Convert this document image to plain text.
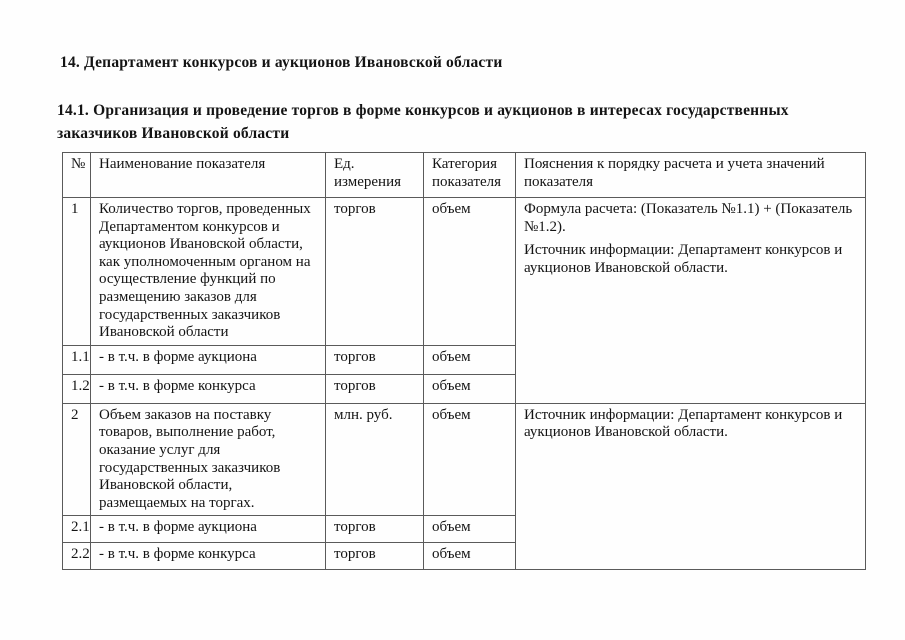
14. Департамент конкурсов и аукционов Ивановской области
14.1. Организация и проведение торгов в форме конкурсов и аукционов в интересах государственных заказчиков Ивановской области
№	Наименование показателя	Ед. измерения	Категория показателя	Пояснения к порядку расчета и учета значений показателя
1	Количество торгов, проведенных Департаментом конкурсов и аукционов Ивановской области, как уполномоченным органом на осуществление функций по размещению заказов для государственных заказчиков Ивановской области	торгов	объем	Формула расчета: (Показатель №1.1) + (Показатель №1.2).
Источник информации: Департамент конкурсов и аукционов Ивановской области.

1.1	- в т.ч. в форме аукциона	торгов	объем	
1.2	- в т.ч. в форме конкурса	торгов	объем	
2	Объем заказов на поставку товаров, выполнение работ, оказание услуг для государственных заказчиков Ивановской области, размещаемых на торгах.	млн. руб.	объем	Источник информации: Департамент конкурсов и аукционов Ивановской области.

2.1	- в т.ч. в форме аукциона	торгов	объем	
2.2	- в т.ч. в форме конкурса	торгов	объем	
